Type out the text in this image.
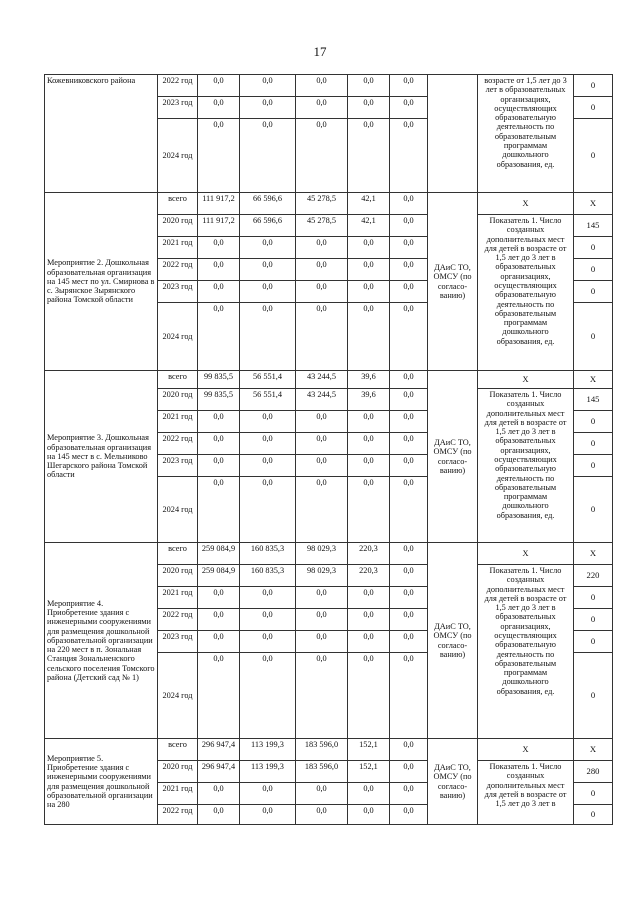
17
Кожевниковского района	2022 год	0,0	0,0	0,0	0,0	0,0		возрасте от 1,5 лет до 3 лет в образовательных организациях, осуществляющих образовательную деятельность по образовательным программам дошкольного образования, ед.	0
	2023 год	0,0	0,0	0,0	0,0	0,0			0
	2024 год	0,0	0,0	0,0	0,0	0,0			0
Мероприятие 2. Дошкольная образовательная организация на 145 мест по ул. Смирнова в с. Зырянское Зырянского района Томской области	всего	111 917,2	66 596,6	45 278,5	42,1	0,0	ДАиС ТО, ОМСУ (по согласо-ванию)	Х	Х
	2020 год	111 917,2	66 596,6	45 278,5	42,1	0,0		Показатель 1. Число созданных дополнительных мест для детей в возрасте от 1,5 лет до 3 лет в образовательных организациях, осуществляющих образовательную деятельность по образовательным программам дошкольного образования, ед.	145
	2021 год	0,0	0,0	0,0	0,0	0,0			0
	2022 год	0,0	0,0	0,0	0,0	0,0			0
	2023 год	0,0	0,0	0,0	0,0	0,0			0
	2024 год	0,0	0,0	0,0	0,0	0,0			0
Мероприятие 3. Дошкольная образовательная организация на 145 мест в с. Мельниково Шегарского района Томской области	всего	99 835,5	56 551,4	43 244,5	39,6	0,0	ДАиС ТО, ОМСУ (по согласо-ванию)	Х	Х
	2020 год	99 835,5	56 551,4	43 244,5	39,6	0,0		Показатель 1. Число созданных дополнительных мест для детей в возрасте от 1,5 лет до 3 лет в образовательных организациях, осуществляющих образовательную деятельность по образовательным программам дошкольного образования, ед.	145
	2021 год	0,0	0,0	0,0	0,0	0,0			0
	2022 год	0,0	0,0	0,0	0,0	0,0			0
	2023 год	0,0	0,0	0,0	0,0	0,0			0
	2024 год	0,0	0,0	0,0	0,0	0,0			0
Мероприятие 4. Приобретение здания с инженерными сооружениями для размещения дошкольной образовательной организации на 220 мест в п. Зональная Станция Зональненского сельского поселения Томского района (Детский сад № 1)	всего	259 084,9	160 835,3	98 029,3	220,3	0,0	ДАиС ТО, ОМСУ (по согласо-ванию)	Х	Х
	2020 год	259 084,9	160 835,3	98 029,3	220,3	0,0		Показатель 1. Число созданных дополнительных мест для детей в возрасте от 1,5 лет до 3 лет в образовательных организациях, осуществляющих образовательную деятельность по образовательным программам дошкольного образования, ед.	220
	2021 год	0,0	0,0	0,0	0,0	0,0			0
	2022 год	0,0	0,0	0,0	0,0	0,0			0
	2023 год	0,0	0,0	0,0	0,0	0,0			0
	2024 год	0,0	0,0	0,0	0,0	0,0			0
Мероприятие 5. Приобретение здания с инженерными сооружениями для размещения дошкольной образовательной организации на 280	всего	296 947,4	113 199,3	183 596,0	152,1	0,0	ДАиС ТО, ОМСУ (по согласо-ванию)	Х	Х
	2020 год	296 947,4	113 199,3	183 596,0	152,1	0,0		Показатель 1. Число созданных дополнительных мест для детей в возрасте от 1,5 лет до 3 лет в	280
	2021 год	0,0	0,0	0,0	0,0	0,0			0
	2022 год	0,0	0,0	0,0	0,0	0,0			0
